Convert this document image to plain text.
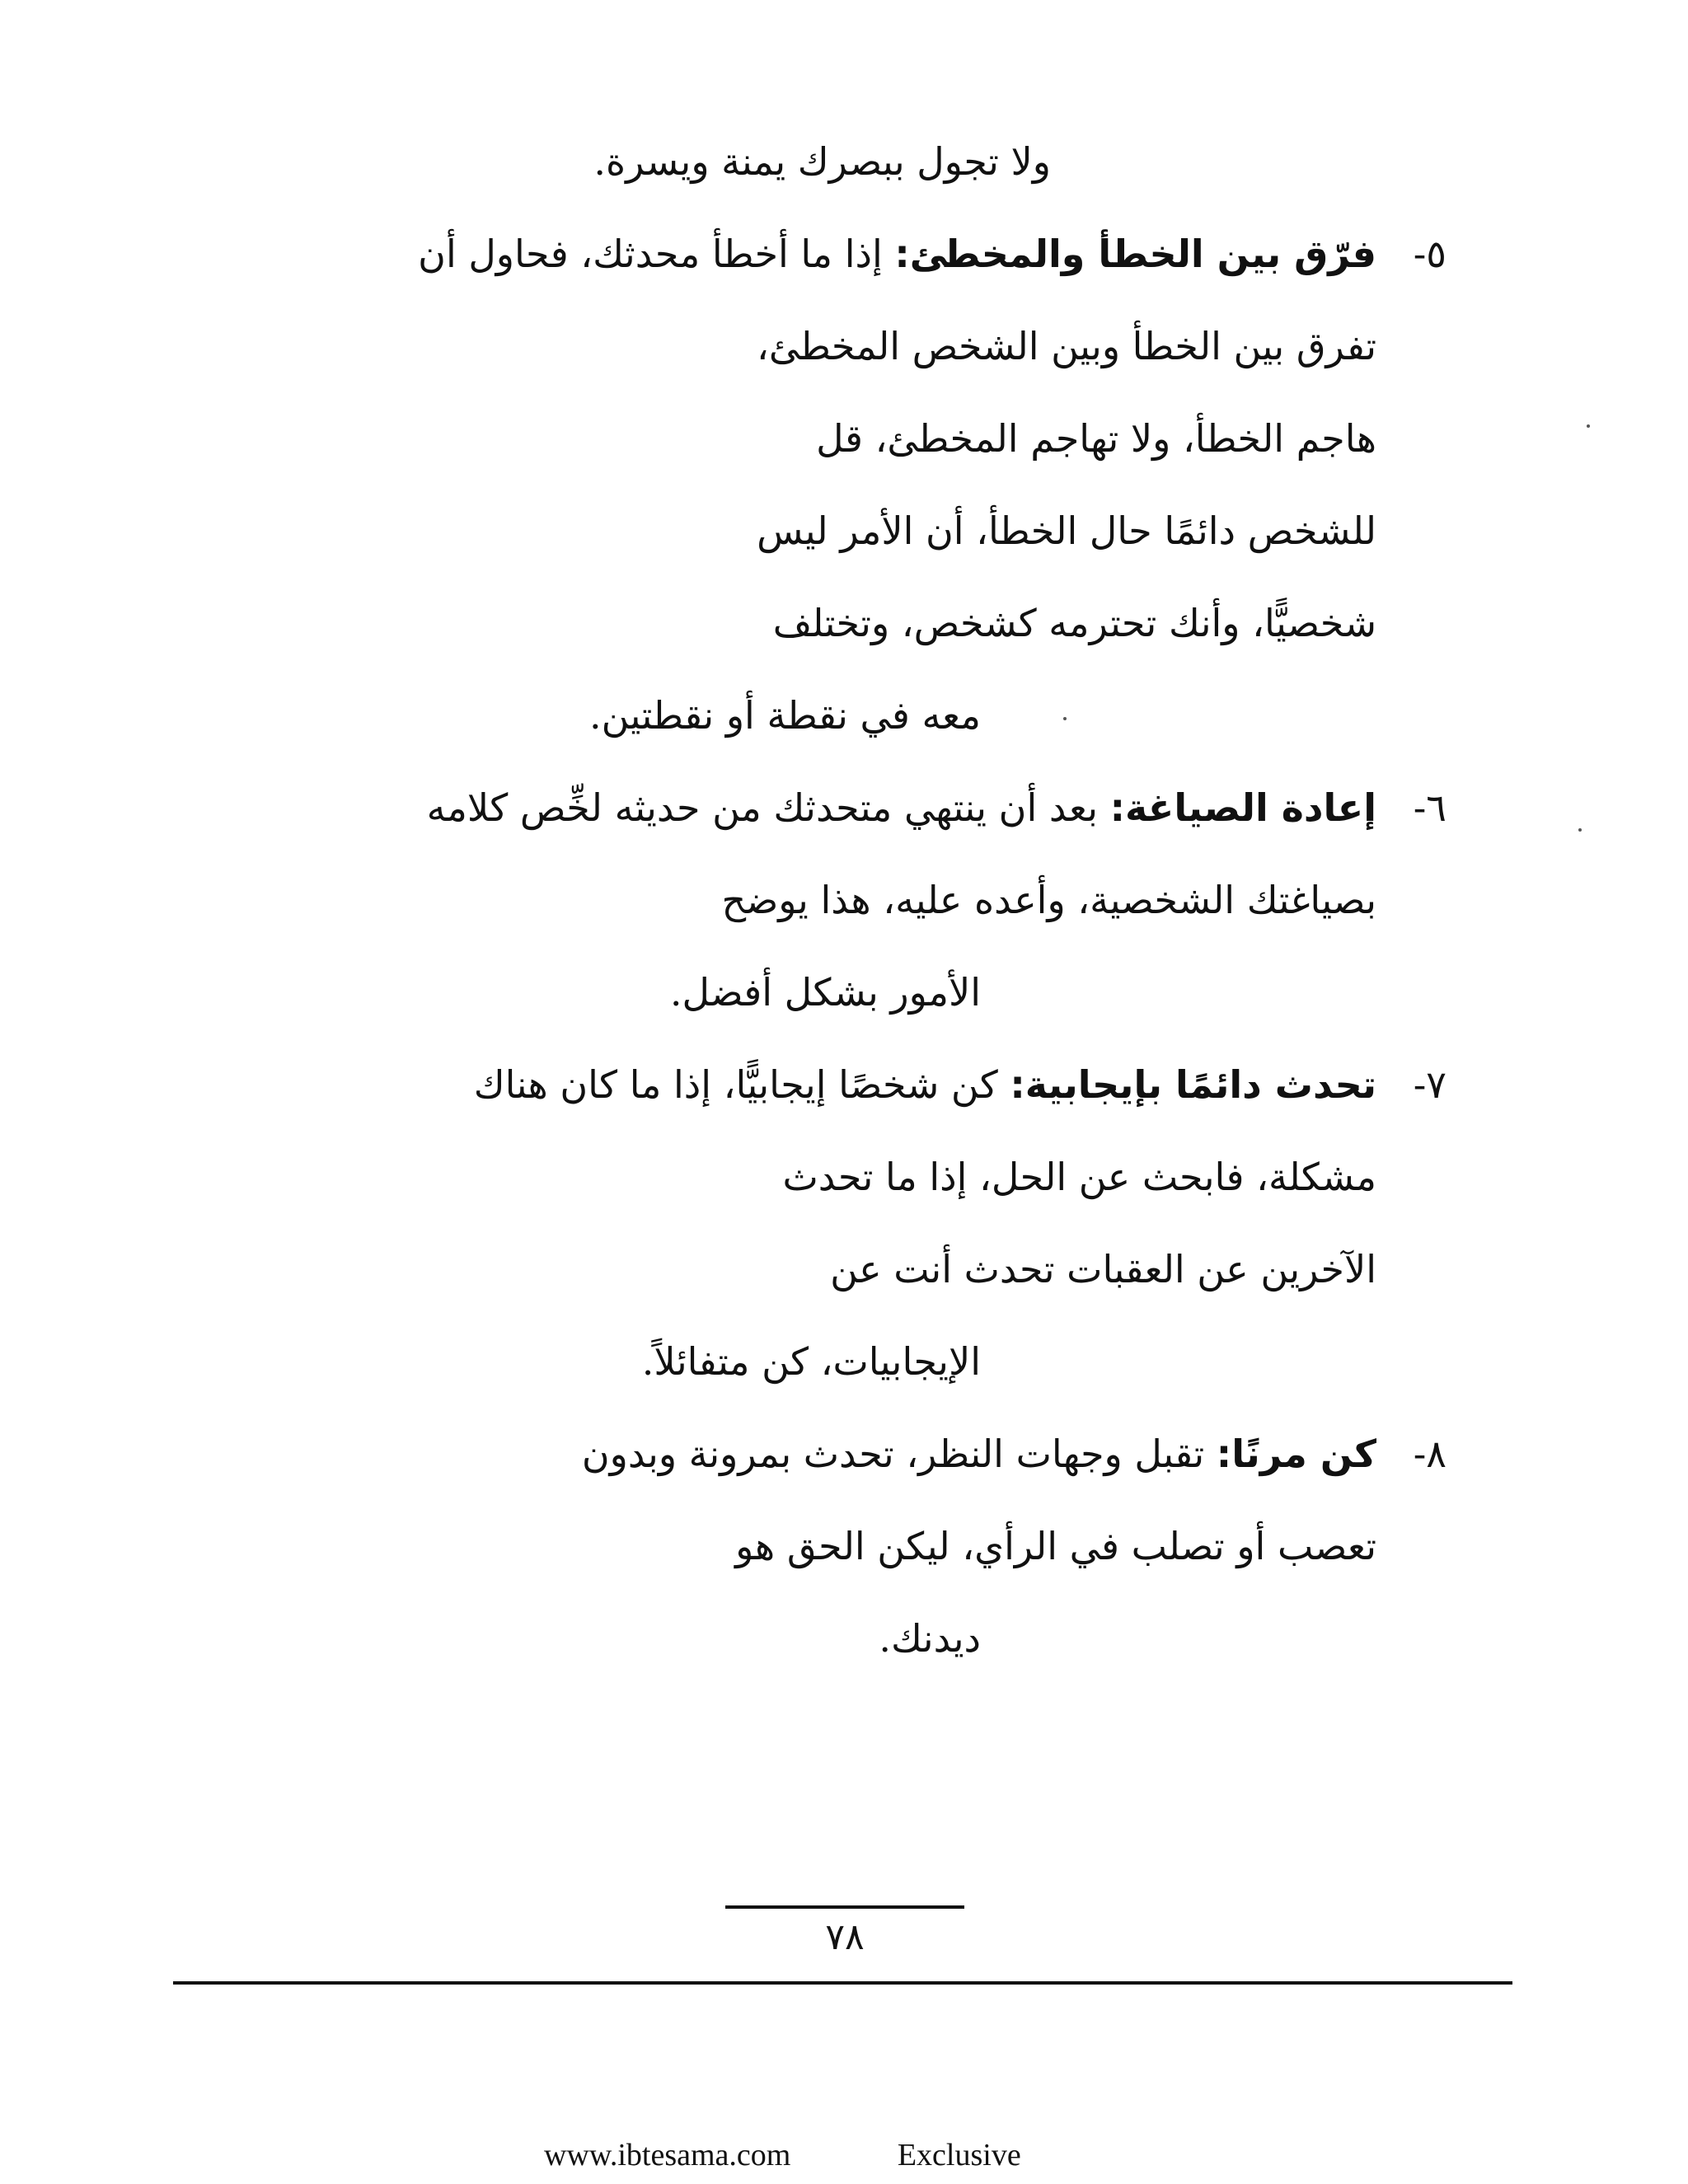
ولا تجول ببصرك يمنة ويسرة.
٥-
فرّق بين الخطأ والمخطئ:
إذا ما أخطأ محدثك، فحاول أن
تفرق بين الخطأ وبين الشخص المخطئ،
هاجم الخطأ، ولا تهاجم المخطئ، قل
للشخص دائمًا حال الخطأ، أن الأمر ليس
شخصيًّا، وأنك تحترمه كشخص، وتختلف
معه في نقطة أو نقطتين.
٦-
إعادة الصياغة:
بعد أن ينتهي متحدثك من حديثه لخِّص كلامه
بصياغتك الشخصية، وأعده عليه، هذا يوضح
الأمور بشكل أفضل.
٧-
تحدث دائمًا بإيجابية:
كن شخصًا إيجابيًّا، إذا ما كان هناك
مشكلة، فابحث عن الحل، إذا ما تحدث
الآخرين عن العقبات تحدث أنت عن
الإيجابيات، كن متفائلاً.
٨-
كن مرنًا:
تقبل وجهات النظر، تحدث بمرونة وبدون
تعصب أو تصلب في الرأي، ليكن الحق هو
ديدنك.
٧٨
www.ibtesama.com	Exclusive
